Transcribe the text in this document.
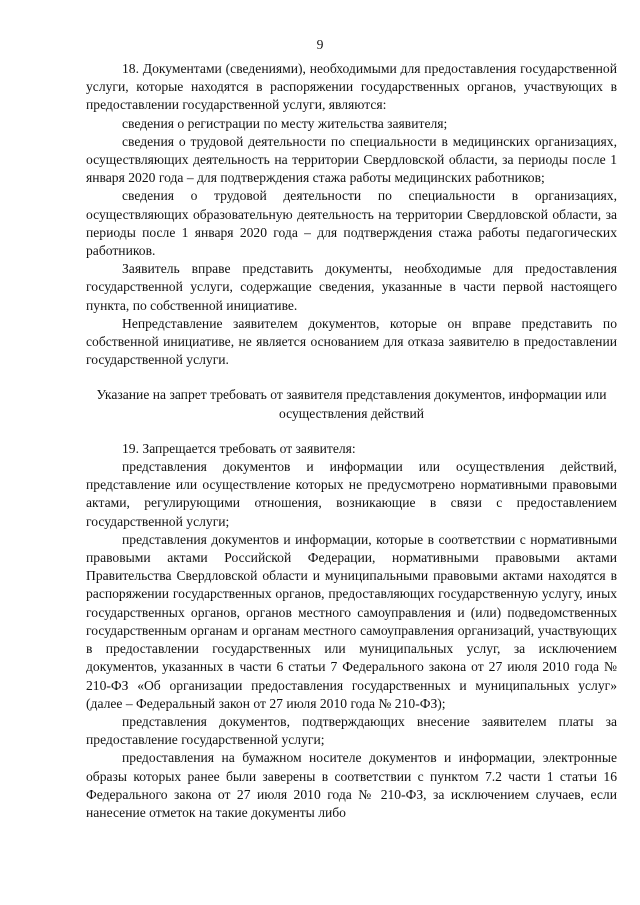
9

18. Документами (сведениями), необходимыми для предоставления государственной услуги, которые находятся в распоряжении государственных органов, участвующих в предоставлении государственной услуги, являются:

сведения о регистрации по месту жительства заявителя;

сведения о трудовой деятельности по специальности в медицинских организациях, осуществляющих деятельность на территории Свердловской области, за периоды после 1 января 2020 года – для подтверждения стажа работы медицинских работников;

сведения о трудовой деятельности по специальности в организациях, осуществляющих образовательную деятельность на территории Свердловской области, за периоды после 1 января 2020 года – для подтверждения стажа работы педагогических работников.

Заявитель вправе представить документы, необходимые для предоставления государственной услуги, содержащие сведения, указанные в части первой настоящего пункта, по собственной инициативе.

Непредставление заявителем документов, которые он вправе представить по собственной инициативе, не является основанием для отказа заявителю в предоставлении государственной услуги.

Указание на запрет требовать от заявителя представления документов, информации или осуществления действий

19. Запрещается требовать от заявителя:

представления документов и информации или осуществления действий, представление или осуществление которых не предусмотрено нормативными правовыми актами, регулирующими отношения, возникающие в связи с предоставлением государственной услуги;

представления документов и информации, которые в соответствии с нормативными правовыми актами Российской Федерации, нормативными правовыми актами Правительства Свердловской области и муниципальными правовыми актами находятся в распоряжении государственных органов, предоставляющих государственную услугу, иных государственных органов, органов местного самоуправления и (или) подведомственных государственным органам и органам местного самоуправления организаций, участвующих в предоставлении государственных или муниципальных услуг, за исключением документов, указанных в части 6 статьи 7 Федерального закона от 27 июля 2010 года № 210-ФЗ «Об организации предоставления государственных и муниципальных услуг» (далее – Федеральный закон от 27 июля 2010 года № 210-ФЗ);

представления документов, подтверждающих внесение заявителем платы за предоставление государственной услуги;

предоставления на бумажном носителе документов и информации, электронные образы которых ранее были заверены в соответствии с пунктом 7.2 части 1 статьи 16 Федерального закона от 27 июля 2010 года № 210-ФЗ, за исключением случаев, если нанесение отметок на такие документы либо
